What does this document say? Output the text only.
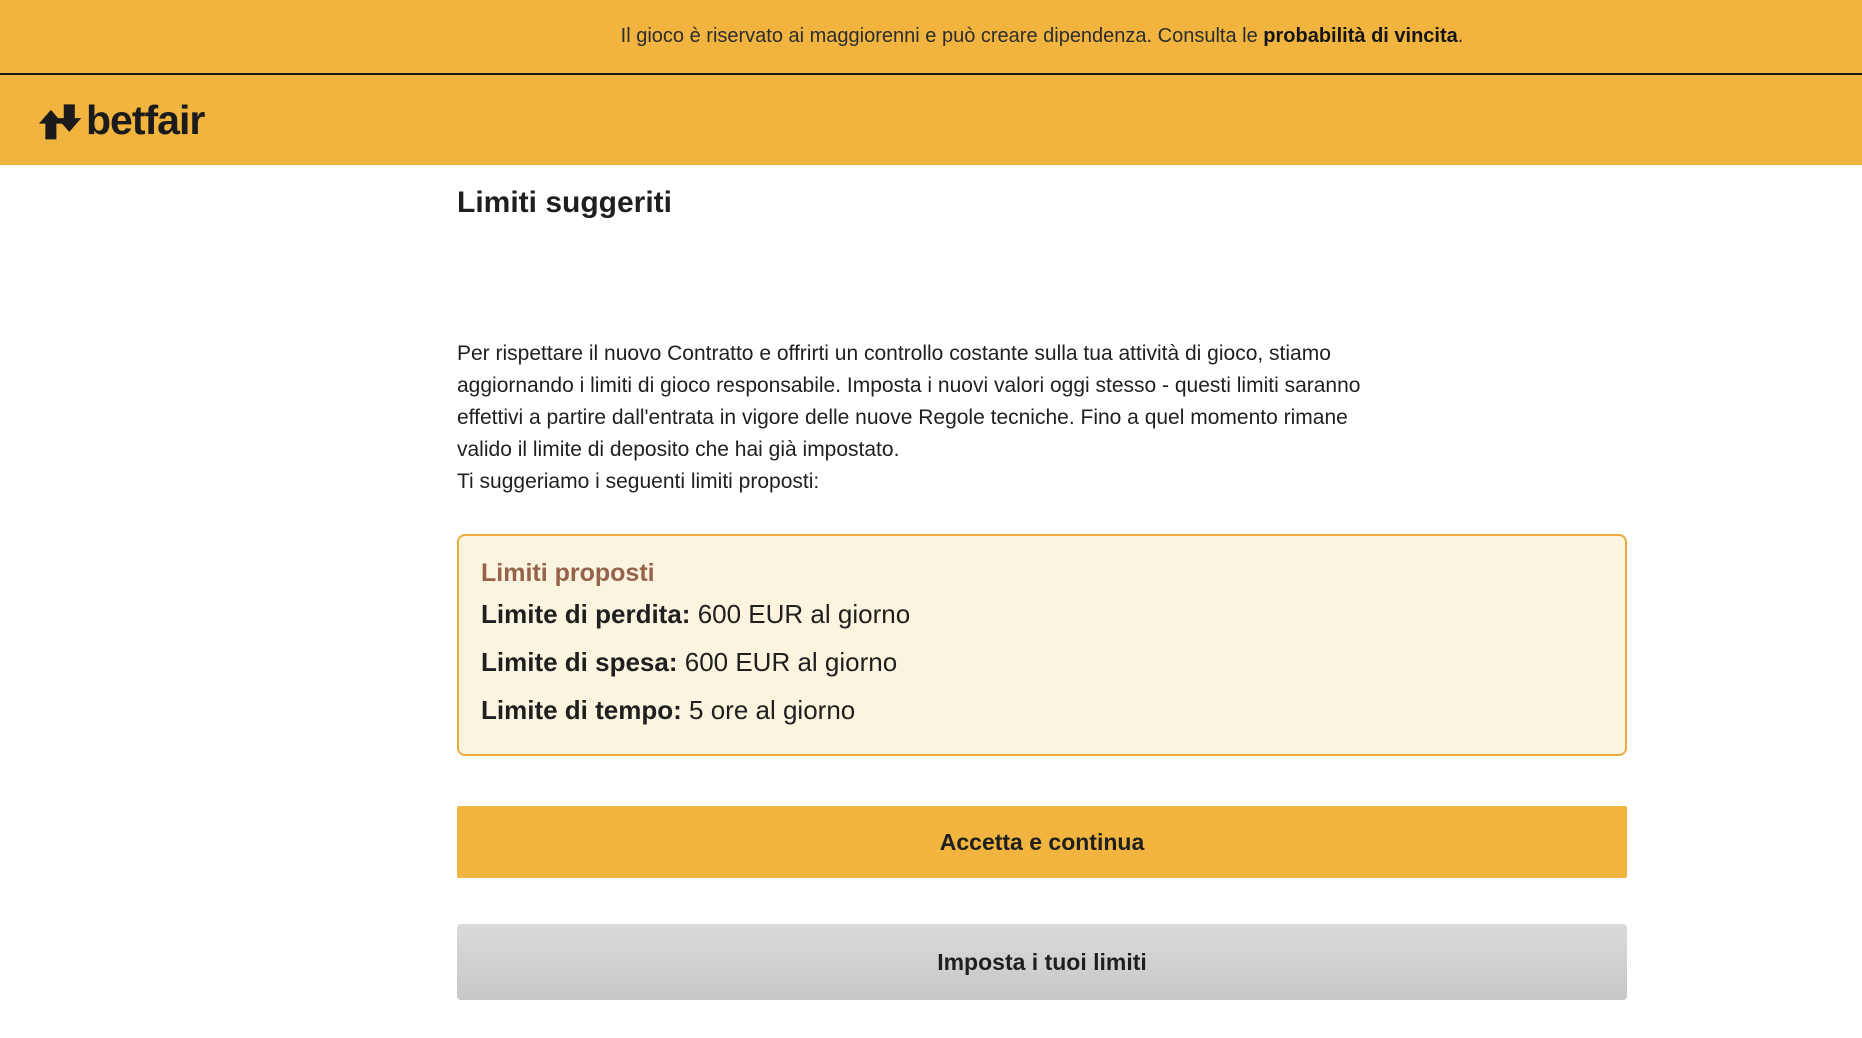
Il gioco è riservato ai maggiorenni e può creare dipendenza. Consulta le probabilità di vincita.
betfair
Limiti suggeriti
Per rispettare il nuovo Contratto e offrirti un controllo costante sulla tua attività di gioco, stiamo
aggiornando i limiti di gioco responsabile. Imposta i nuovi valori oggi stesso - questi limiti saranno
effettivi a partire dall'entrata in vigore delle nuove Regole tecniche. Fino a quel momento rimane
valido il limite di deposito che hai già impostato.
Ti suggeriamo i seguenti limiti proposti:
Limiti proposti
Limite di perdita: 600 EUR al giorno
Limite di spesa: 600 EUR al giorno
Limite di tempo: 5 ore al giorno
Accetta e continua
Imposta i tuoi limiti
